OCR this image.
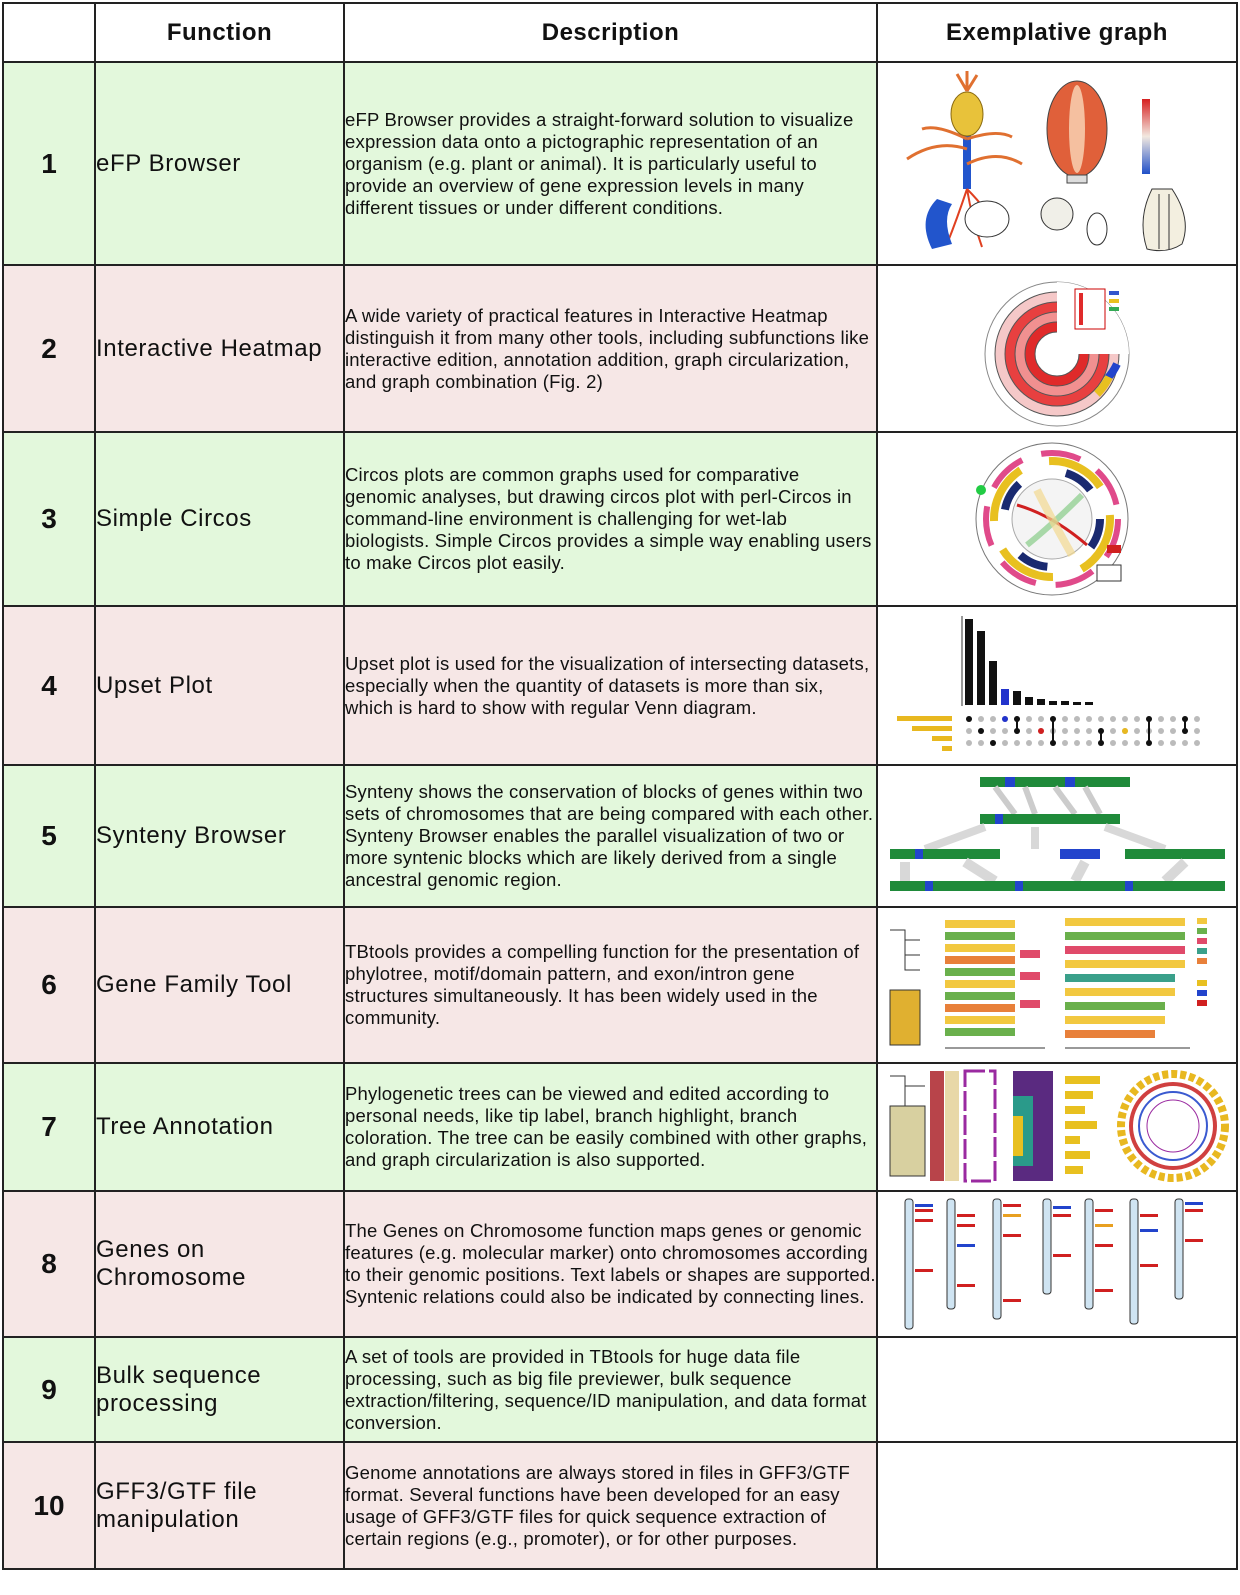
	Function	Description	Exemplative graph
1	eFP Browser	eFP Browser provides a straight-forward solution to visualize expression data onto a pictographic representation of an organism (e.g. plant or animal). It is particularly useful to provide an overview of gene expression levels in many different tissues or under different conditions.	

2	Interactive Heatmap	A wide variety of practical features in Interactive Heatmap distinguish it from many other tools, including subfunctions like interactive edition, annotation addition, graph circularization, and graph combination (Fig. 2)	

3	Simple Circos	Circos plots are common graphs used for comparative genomic analyses, but drawing circos plot with perl-Circos in command-line environment is challenging for wet-lab biologists. Simple Circos provides a simple way enabling users to make Circos plot easily.	

4	Upset Plot	Upset plot is used for the visualization of intersecting datasets, especially when the quantity of datasets is more than six, which is hard to show with regular Venn diagram.	

5	Synteny Browser	Synteny shows the conservation of blocks of genes within two sets of chromosomes that are being compared with each other. Synteny Browser enables the parallel visualization of two or more syntenic blocks which are likely derived from a single ancestral genomic region.	

6	Gene Family Tool	TBtools provides a compelling function for the presentation of phylotree, motif/domain pattern, and exon/intron gene structures simultaneously. It has been widely used in the community.	

7	Tree Annotation	Phylogenetic trees can be viewed and edited according to personal needs, like tip label, branch highlight, branch coloration. The tree can be easily combined with other graphs, and graph circularization is also supported.	

8	Genes on Chromosome	The Genes on Chromosome function maps genes or genomic features (e.g. molecular marker) onto chromosomes according to their genomic positions. Text labels or shapes are supported. Syntenic relations could also be indicated by connecting lines.	

9	Bulk sequence processing	A set of tools are provided in TBtools for huge data file processing, such as big file previewer, bulk sequence extraction/filtering, sequence/ID manipulation, and data format conversion.	
10	GFF3/GTF file manipulation	Genome annotations are always stored in files in GFF3/GTF format. Several functions have been developed for an easy usage of GFF3/GTF files for quick sequence extraction of certain regions (e.g., promoter), or for other purposes.	
